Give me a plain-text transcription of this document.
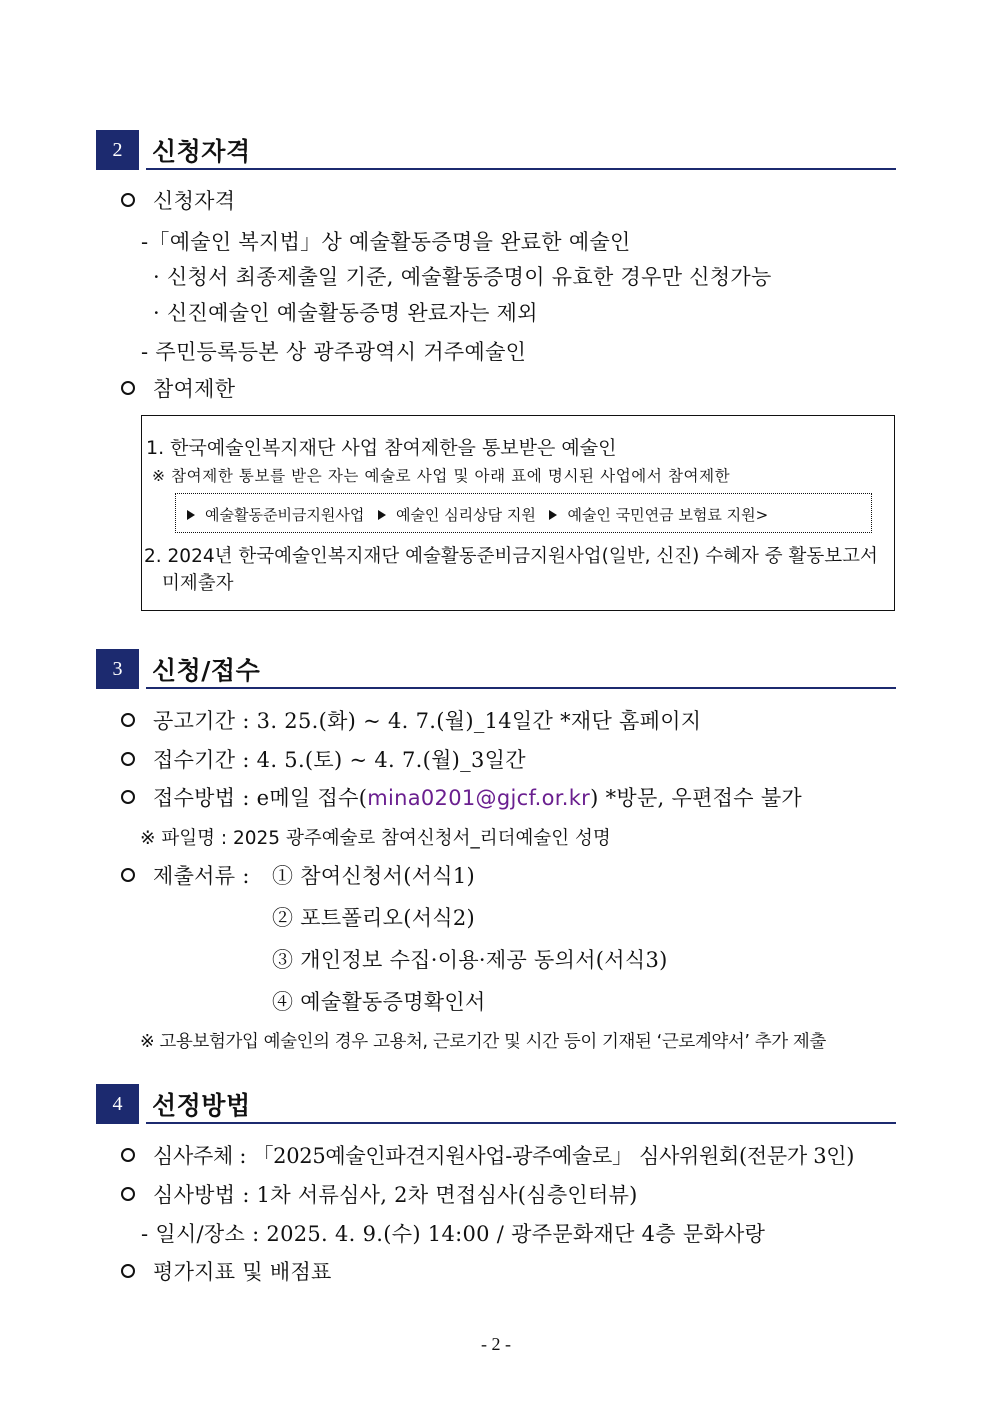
2	신청자격
신청자격
-「예술인 복지법」상 예술활동증명을 완료한 예술인
· 신청서 최종제출일 기준, 예술활동증명이 유효한 경우만 신청가능
· 신진예술인 예술활동증명 완료자는 제외
- 주민등록등본 상 광주광역시 거주예술인
참여제한
1. 한국예술인복지재단 사업 참여제한을 통보받은 예술인
※ 참여제한 통보를 받은 자는 예술로 사업 및 아래 표에 명시된 사업에서 참여제한
예술활동준비금지원사업 예술인 심리상담 지원 예술인 국민연금 보험료 지원>
2. 2024년 한국예술인복지재단 예술활동준비금지원사업(일반, 신진) 수혜자 중 활동보고서
미제출자
3	신청/접수
공고기간 : 3. 25.(화) ~ 4. 7.(월)_14일간 *재단 홈페이지
접수기간 : 4. 5.(토) ~ 4. 7.(월)_3일간
접수방법 : e메일 접수(mina0201@gjcf.or.kr) *방문, 우편접수 불가
※ 파일명 : 2025 광주예술로 참여신청서_리더예술인 성명
제출서류 : ① 참여신청서(서식1)
② 포트폴리오(서식2)
③ 개인정보 수집·이용·제공 동의서(서식3)
④ 예술활동증명확인서
※ 고용보험가입 예술인의 경우 고용처, 근로기간 및 시간 등이 기재된 ‘근로계약서’ 추가 제출
4	선정방법
심사주체 : 「2025예술인파견지원사업-광주예술로」 심사위원회(전문가 3인)
심사방법 : 1차 서류심사, 2차 면접심사(심층인터뷰)
- 일시/장소 : 2025. 4. 9.(수) 14:00 / 광주문화재단 4층 문화사랑
평가지표 및 배점표
- 2 -
